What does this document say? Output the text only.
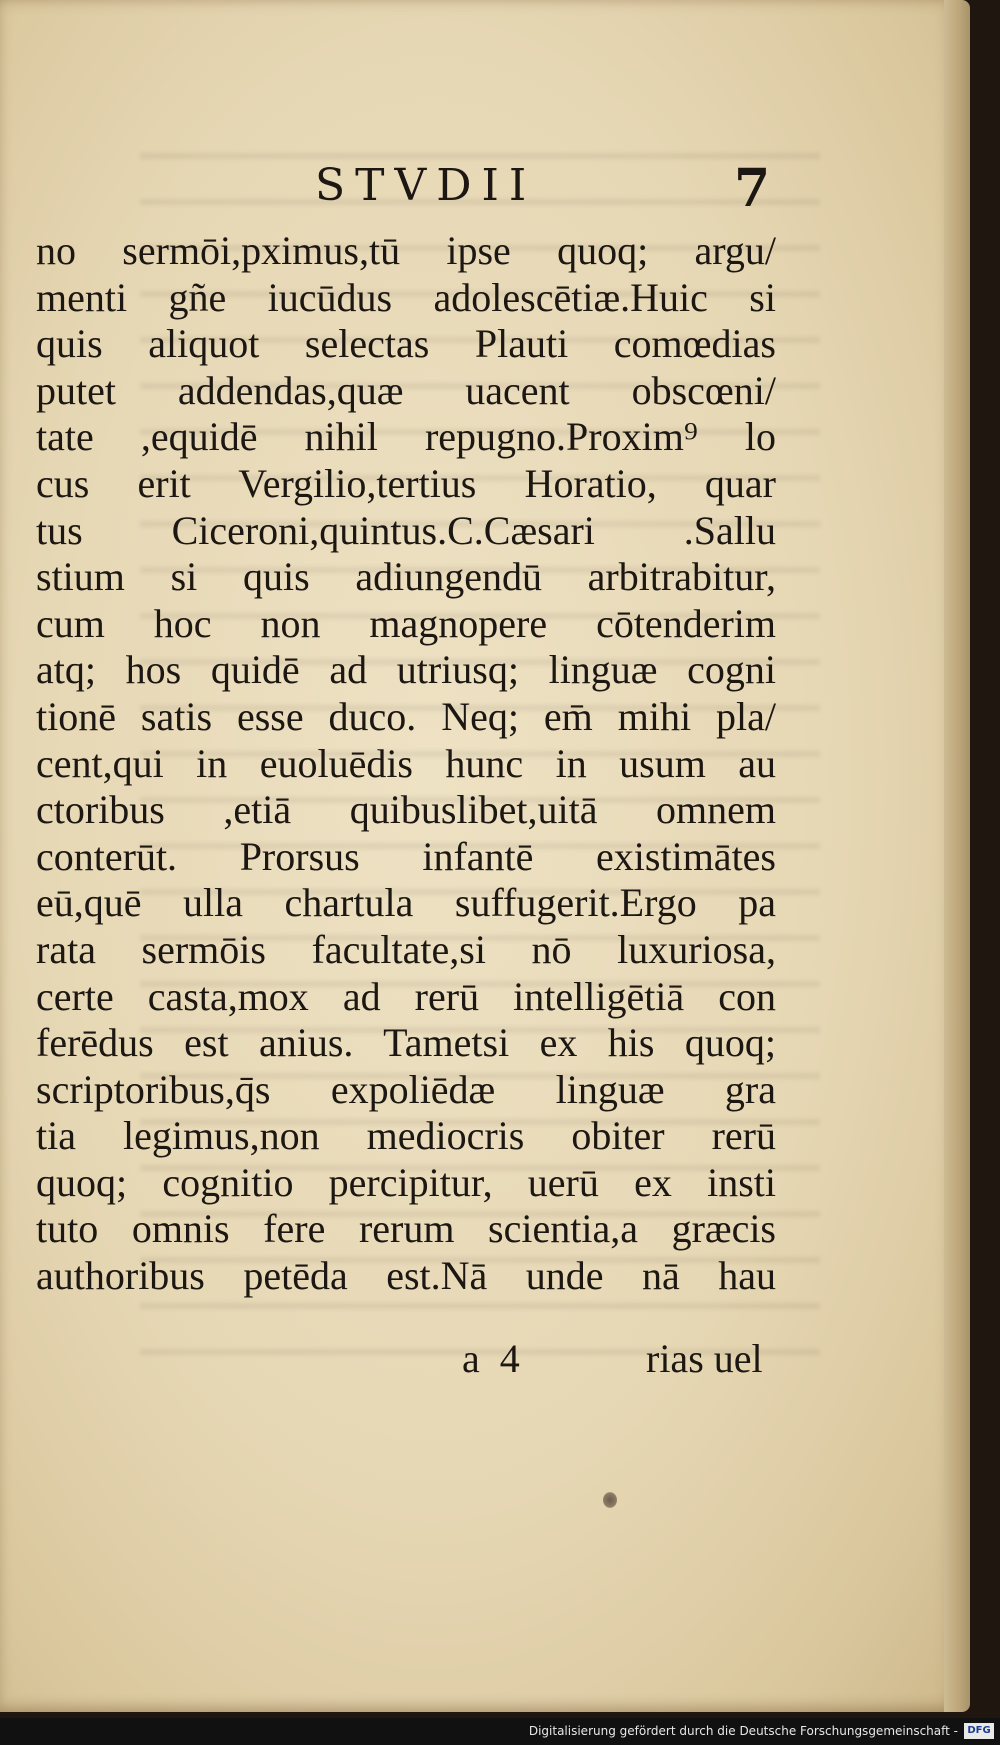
STVDII	7
no sermōi,pximus,tū ipse quoq; argu/
menti gñe iucūdus adolescētiæ.Huic si
quis aliquot selectas Plauti comœdias
putet addendas,quæ uacent obscœni/
tate ,equidē nihil repugno.Proxim⁹ lo
cus erit Vergilio,tertius Horatio, quar
tus Ciceroni,quintus.C.Cæsari .Sallu
stium si quis adiungendū arbitrabitur,
cum hoc non magnopere cōtenderim
atq; hos quidē ad utriusq; linguæ cogni
tionē satis esse duco. Neq; em̄ mihi pla/
cent,qui in euoluēdis hunc in usum au
ctoribus ,etiā quibuslibet,uitā omnem
conterūt. Prorsus infantē existimātes
eū,quē ulla chartula suffugerit.Ergo pa
rata sermōis facultate,si nō luxuriosa,
certe casta,mox ad rerū intelligētiā con
ferēdus est anius. Tametsi ex his quoq;
scriptoribus,q̄s expoliēdæ linguæ gra
tia legimus,non mediocris obiter rerū
quoq; cognitio percipitur, uerū ex insti
tuto omnis fere rerum scientia,a græcis
authoribus petēda est.Nā unde nā hau
a 4	rias uel
Digitalisierung gefördert durch die Deutsche Forschungsgemeinschaft - DFG
